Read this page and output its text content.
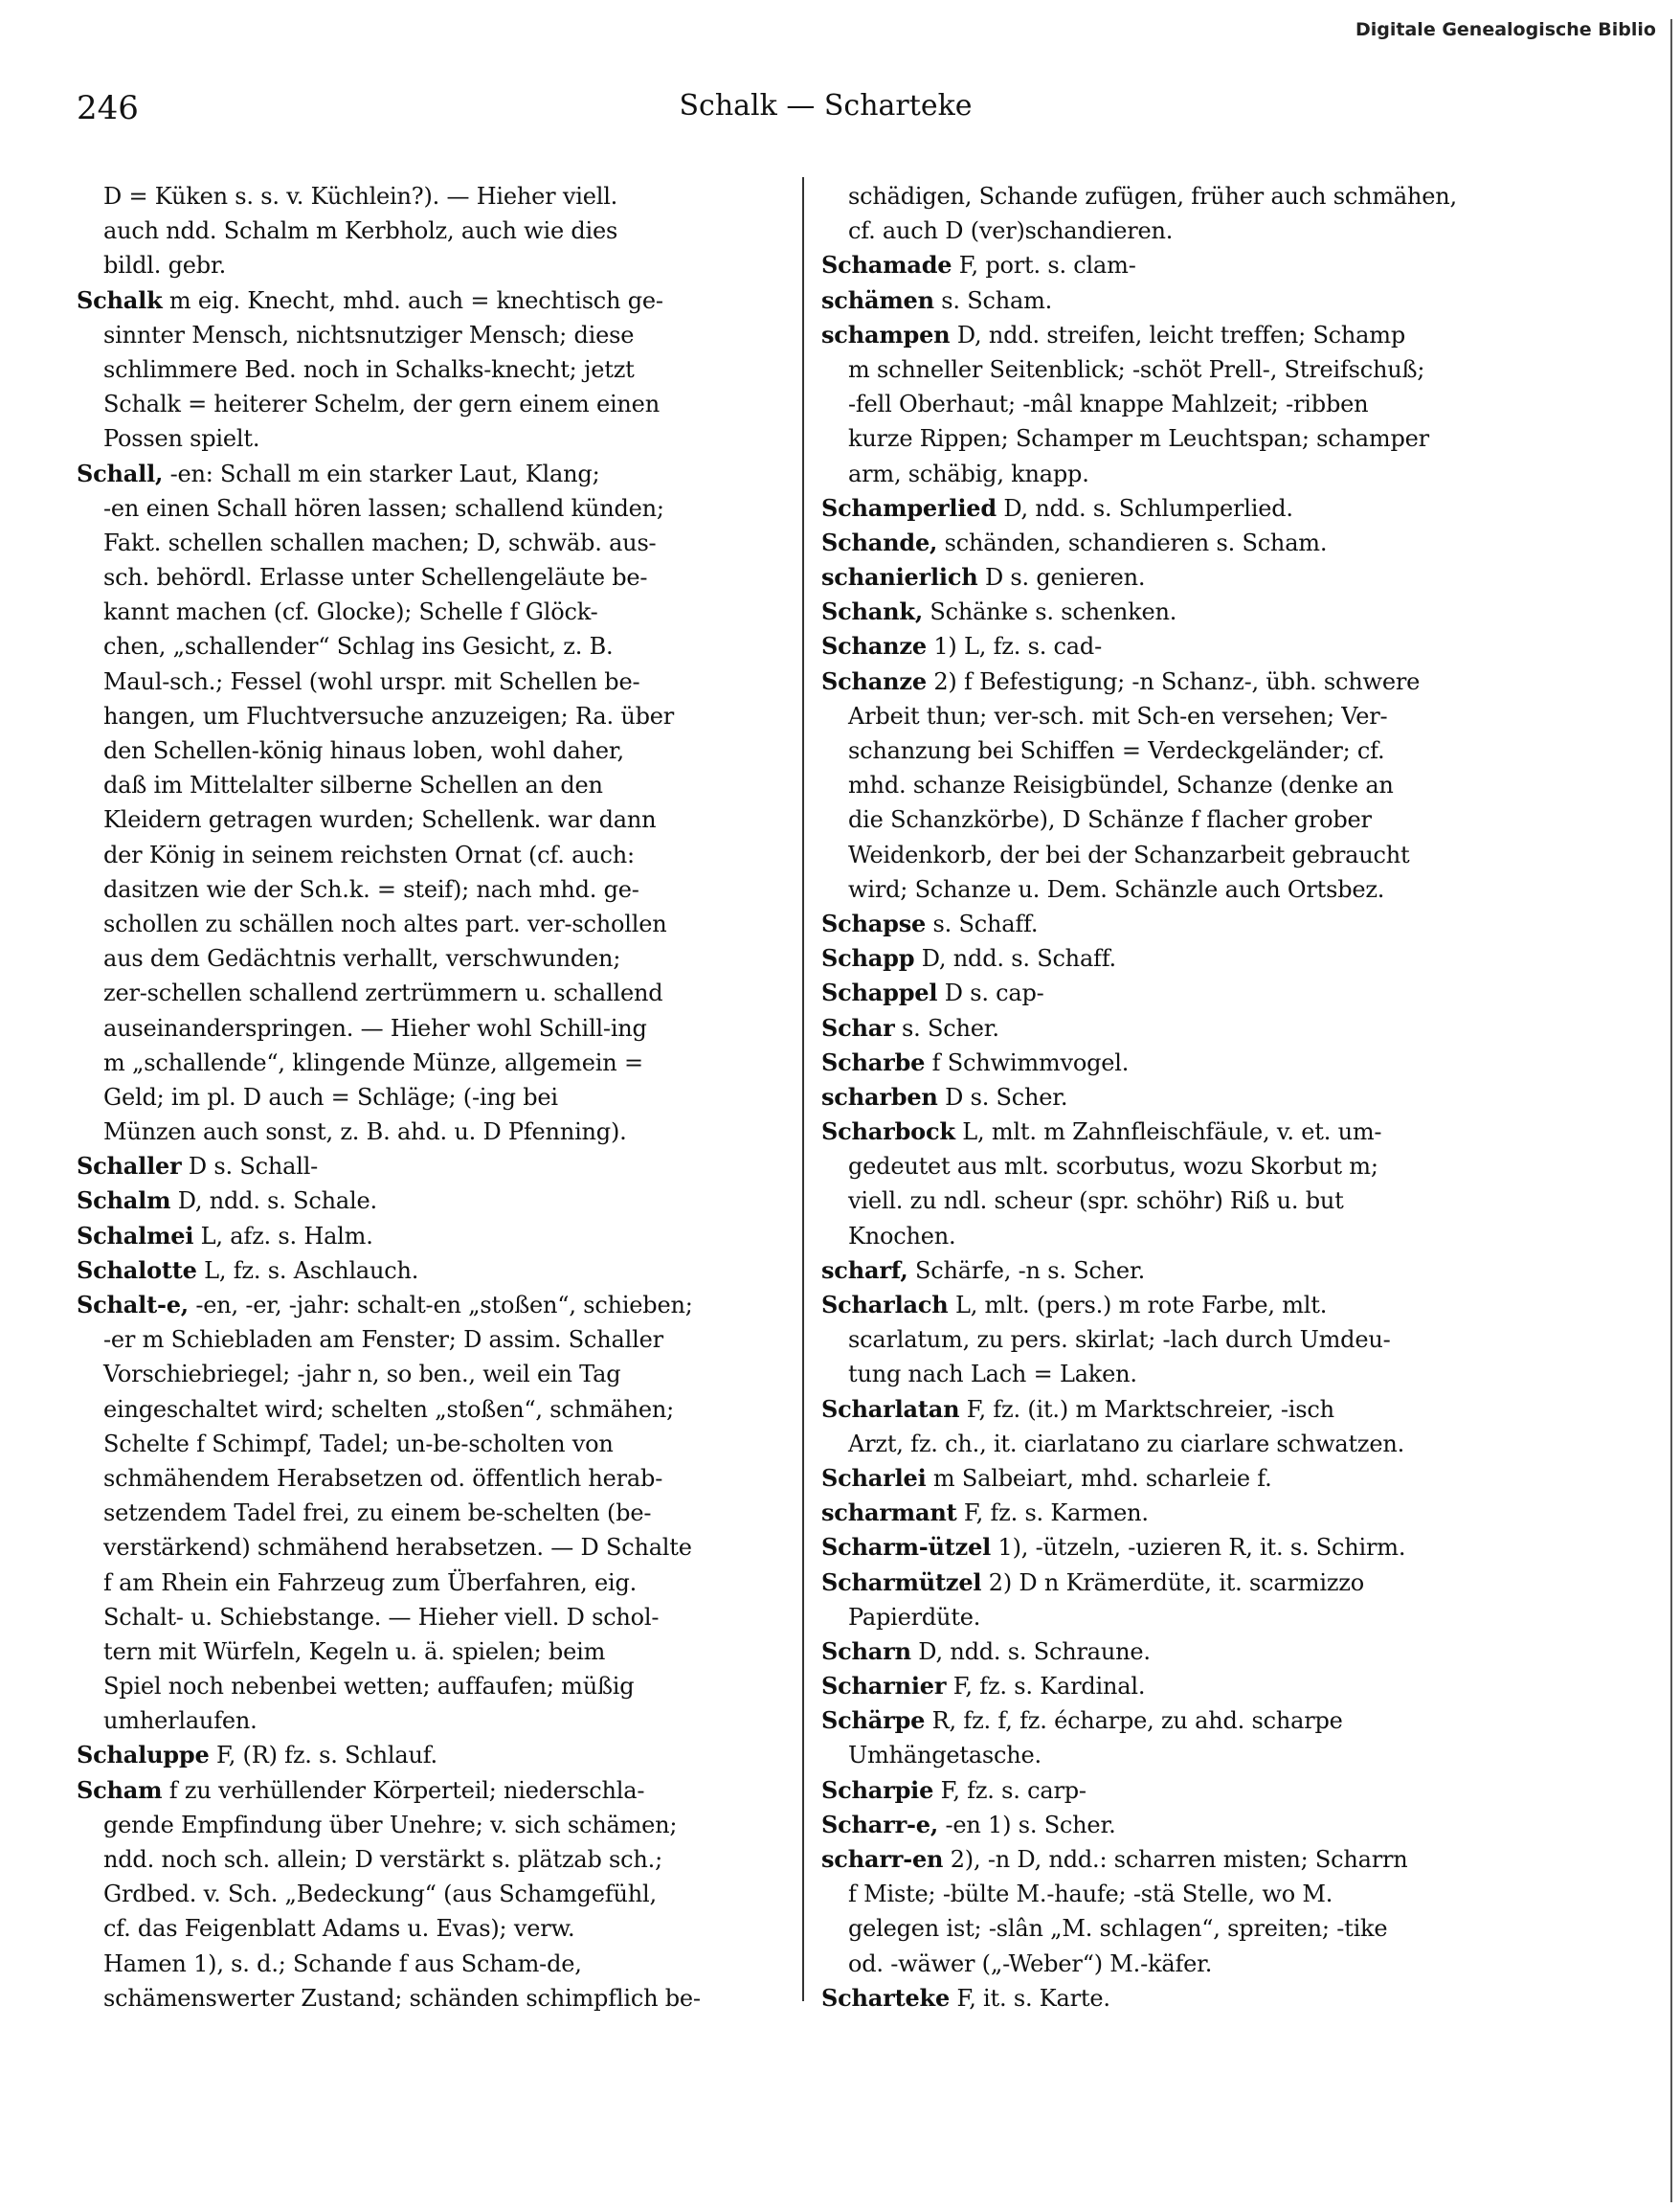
Digitale Genealogische Biblio
246	Schalk — Scharteke
D = Küken s. s. v. Küchlein?). — Hieher viell.
auch ndd. Schalm m Kerbholz, auch wie dies
bildl. gebr.
Schalk m eig. Knecht, mhd. auch = knechtisch ge-
sinnter Mensch, nichtsnutziger Mensch; diese
schlimmere Bed. noch in Schalks-knecht; jetzt
Schalk = heiterer Schelm, der gern einem einen
Possen spielt.
Schall, -en: Schall m ein starker Laut, Klang;
-en einen Schall hören lassen; schallend künden;
Fakt. schellen schallen machen; D, schwäb. aus-
sch. behördl. Erlasse unter Schellengeläute be-
kannt machen (cf. Glocke); Schelle f Glöck-
chen, „schallender“ Schlag ins Gesicht, z. B.
Maul-sch.; Fessel (wohl urspr. mit Schellen be-
hangen, um Fluchtversuche anzuzeigen; Ra. über
den Schellen-könig hinaus loben, wohl daher,
daß im Mittelalter silberne Schellen an den
Kleidern getragen wurden; Schellenk. war dann
der König in seinem reichsten Ornat (cf. auch:
dasitzen wie der Sch.k. = steif); nach mhd. ge-
schollen zu schällen noch altes part. ver-schollen
aus dem Gedächtnis verhallt, verschwunden;
zer-schellen schallend zertrümmern u. schallend
auseinanderspringen. — Hieher wohl Schill-ing
m „schallende“, klingende Münze, allgemein =
Geld; im pl. D auch = Schläge; (-ing bei
Münzen auch sonst, z. B. ahd. u. D Pfenning).
Schaller D s. Schall-
Schalm D, ndd. s. Schale.
Schalmei L, afz. s. Halm.
Schalotte L, fz. s. Aschlauch.
Schalt-e, -en, -er, -jahr: schalt-en „stoßen“, schieben;
-er m Schiebladen am Fenster; D assim. Schaller
Vorschiebriegel; -jahr n, so ben., weil ein Tag
eingeschaltet wird; schelten „stoßen“, schmähen;
Schelte f Schimpf, Tadel; un-be-scholten von
schmähendem Herabsetzen od. öffentlich herab-
setzendem Tadel frei, zu einem be-schelten (be-
verstärkend) schmähend herabsetzen. — D Schalte
f am Rhein ein Fahrzeug zum Überfahren, eig.
Schalt- u. Schiebstange. — Hieher viell. D schol-
tern mit Würfeln, Kegeln u. ä. spielen; beim
Spiel noch nebenbei wetten; auffaufen; müßig
umherlaufen.
Schaluppe F, (R) fz. s. Schlauf.
Scham f zu verhüllender Körperteil; niederschla-
gende Empfindung über Unehre; v. sich schämen;
ndd. noch sch. allein; D verstärkt s. plätzab sch.;
Grdbed. v. Sch. „Bedeckung“ (aus Schamgefühl,
cf. das Feigenblatt Adams u. Evas); verw.
Hamen 1), s. d.; Schande f aus Scham-de,
schämenswerter Zustand; schänden schimpflich be-
schädigen, Schande zufügen, früher auch schmähen,
cf. auch D (ver)schandieren.
Schamade F, port. s. clam-
schämen s. Scham.
schampen D, ndd. streifen, leicht treffen; Schamp
m schneller Seitenblick; -schöt Prell-, Streifschuß;
-fell Oberhaut; -mâl knappe Mahlzeit; -ribben
kurze Rippen; Schamper m Leuchtspan; schamper
arm, schäbig, knapp.
Schamperlied D, ndd. s. Schlumperlied.
Schande, schänden, schandieren s. Scham.
schanierlich D s. genieren.
Schank, Schänke s. schenken.
Schanze 1) L, fz. s. cad-
Schanze 2) f Befestigung; -n Schanz-, übh. schwere
Arbeit thun; ver-sch. mit Sch-en versehen; Ver-
schanzung bei Schiffen = Verdeckgeländer; cf.
mhd. schanze Reisigbündel, Schanze (denke an
die Schanzkörbe), D Schänze f flacher grober
Weidenkorb, der bei der Schanzarbeit gebraucht
wird; Schanze u. Dem. Schänzle auch Ortsbez.
Schapse s. Schaff.
Schapp D, ndd. s. Schaff.
Schappel D s. cap-
Schar s. Scher.
Scharbe f Schwimmvogel.
scharben D s. Scher.
Scharbock L, mlt. m Zahnfleischfäule, v. et. um-
gedeutet aus mlt. scorbutus, wozu Skorbut m;
viell. zu ndl. scheur (spr. schöhr) Riß u. but
Knochen.
scharf, Schärfe, -n s. Scher.
Scharlach L, mlt. (pers.) m rote Farbe, mlt.
scarlatum, zu pers. skirlat; -lach durch Umdeu-
tung nach Lach = Laken.
Scharlatan F, fz. (it.) m Marktschreier, -isch
Arzt, fz. ch., it. ciarlatano zu ciarlare schwatzen.
Scharlei m Salbeiart, mhd. scharleie f.
scharmant F, fz. s. Karmen.
Scharm-ützel 1), -ützeln, -uzieren R, it. s. Schirm.
Scharmützel 2) D n Krämerdüte, it. scarmizzo
Papierdüte.
Scharn D, ndd. s. Schraune.
Scharnier F, fz. s. Kardinal.
Schärpe R, fz. f, fz. écharpe, zu ahd. scharpe
Umhängetasche.
Scharpie F, fz. s. carp-
Scharr-e, -en 1) s. Scher.
scharr-en 2), -n D, ndd.: scharren misten; Scharrn
f Miste; -bülte M.-haufe; -stä Stelle, wo M.
gelegen ist; -slân „M. schlagen“, spreiten; -tike
od. -wäwer („-Weber“) M.-käfer.
Scharteke F, it. s. Karte.
